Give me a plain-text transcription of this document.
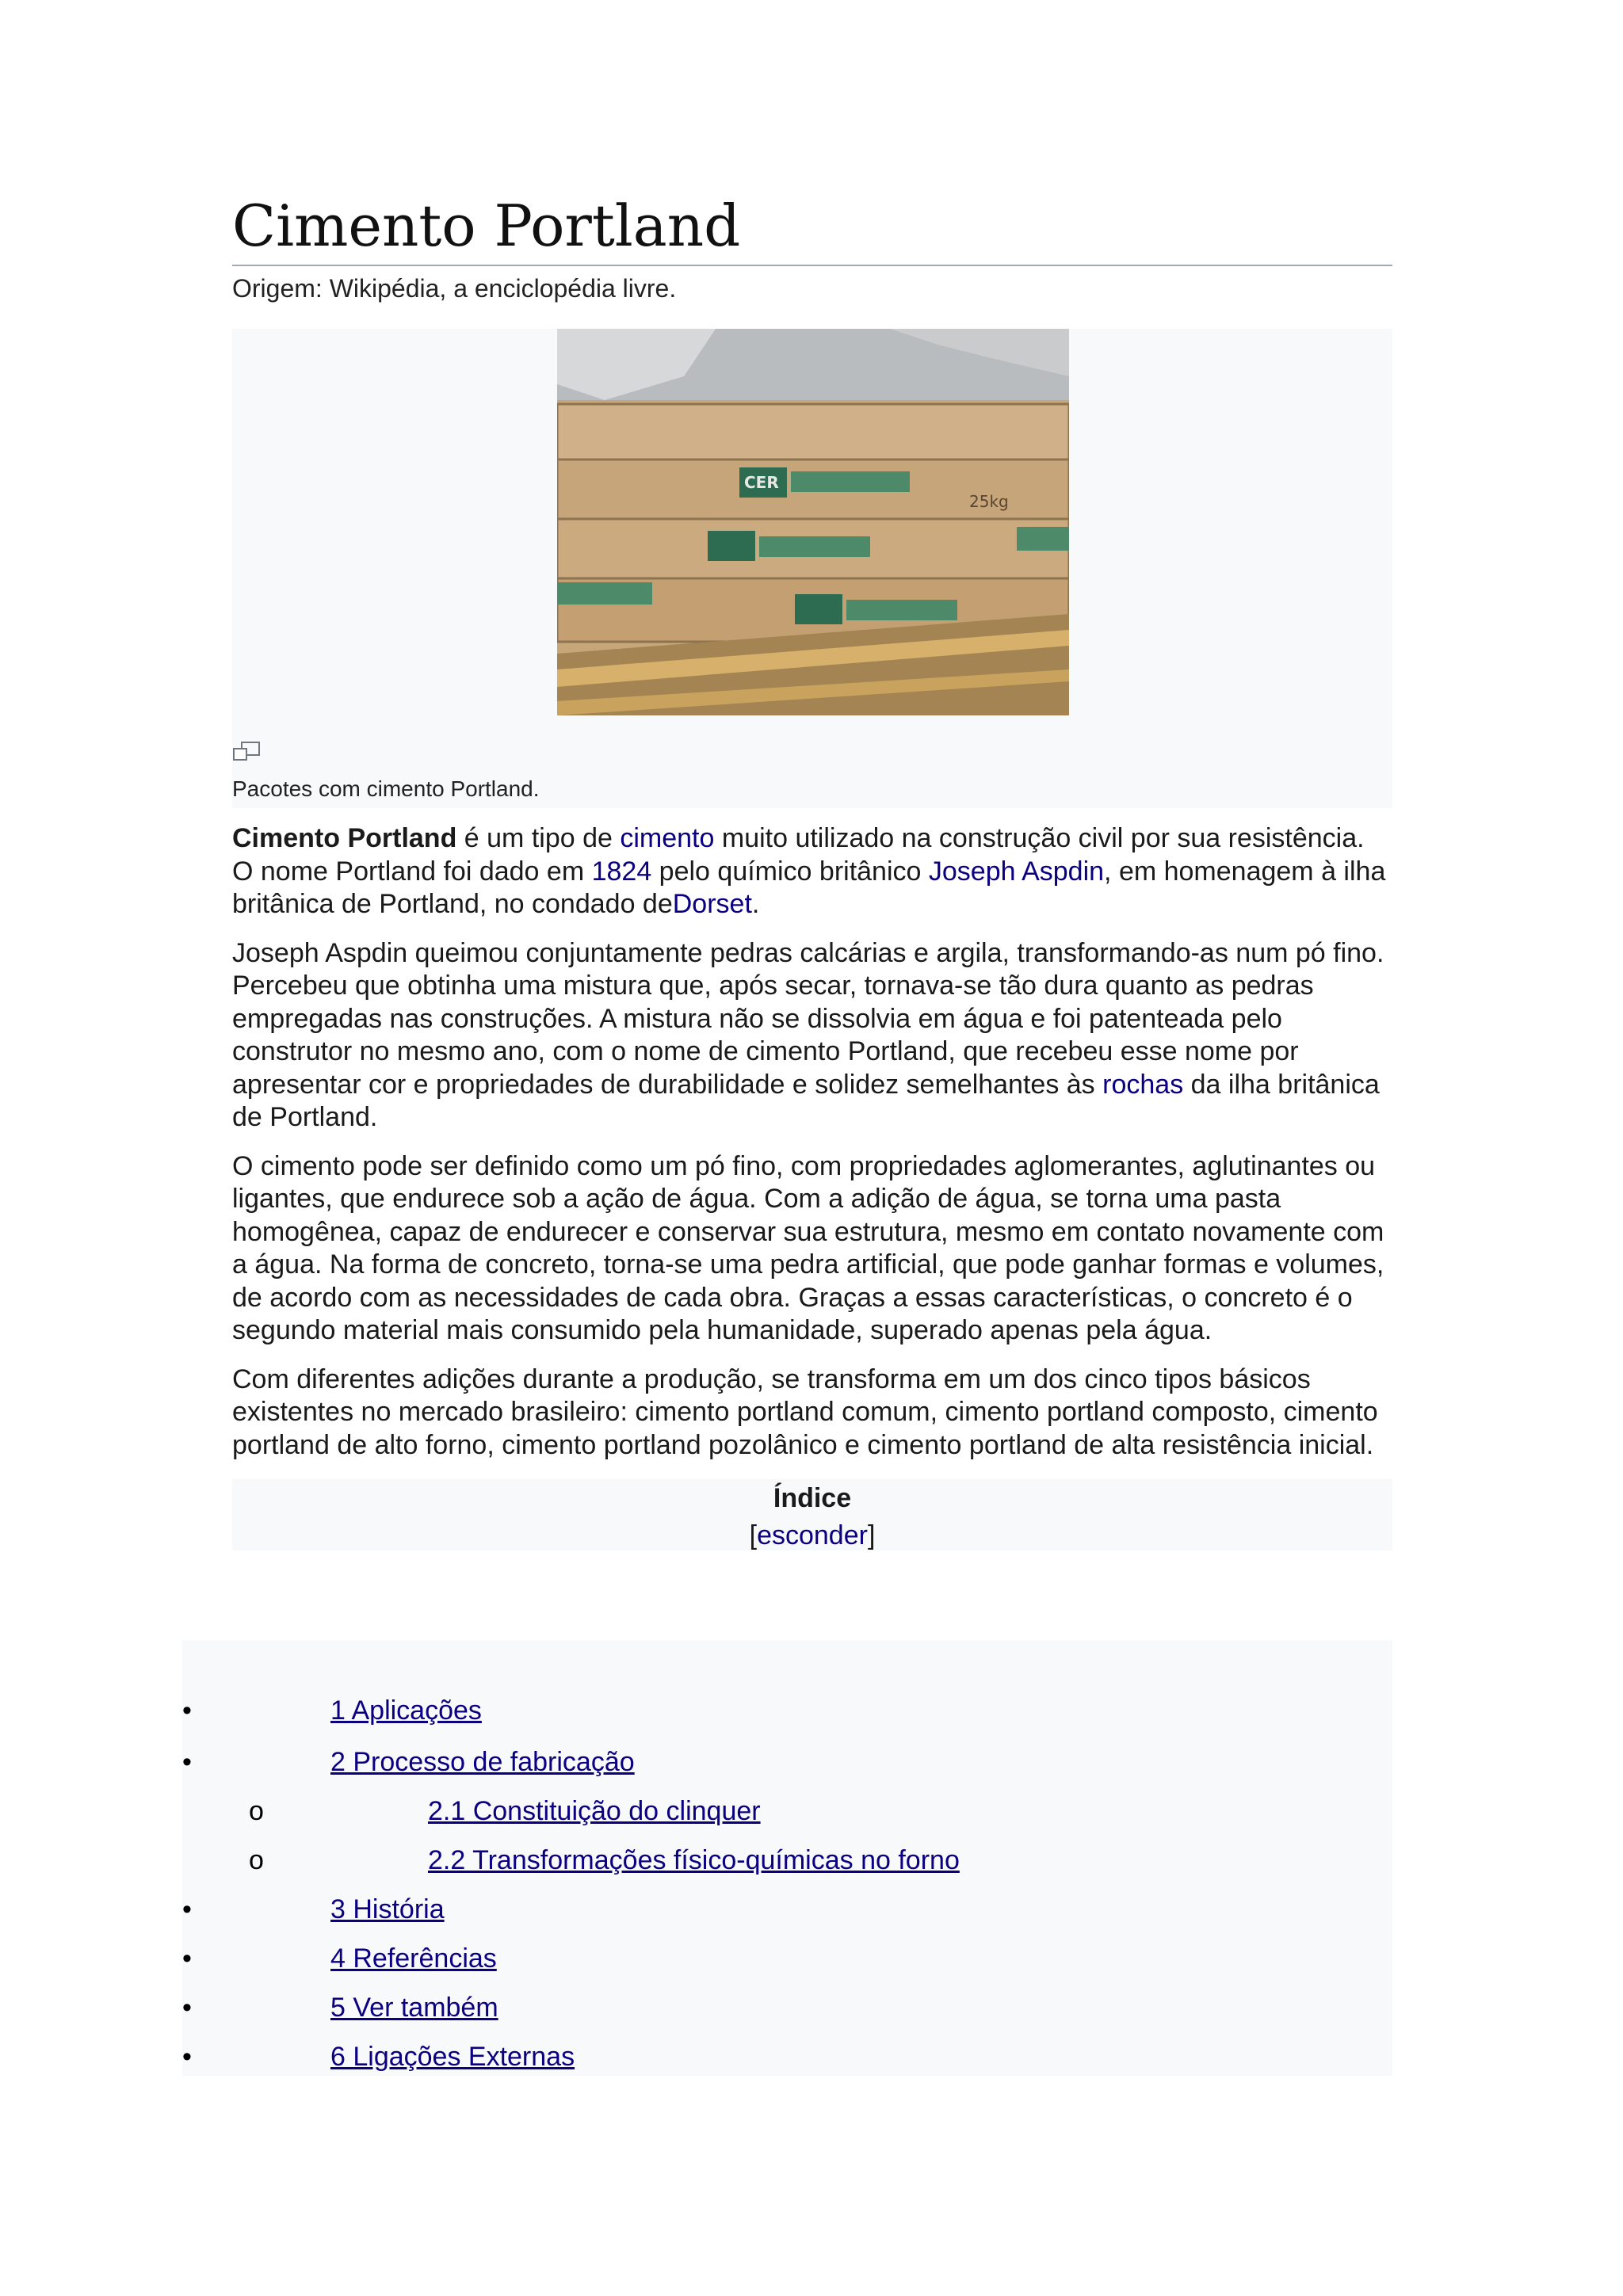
Cimento Portland
Origem: Wikipédia, a enciclopédia livre.
25kg
CER
Pacotes com cimento Portland.

Cimento Portland é um tipo de cimento muito utilizado na construção civil por sua resistência. O nome Portland foi dado em 1824 pelo químico britânico Joseph Aspdin, em homenagem à ilha britânica de Portland, no condado deDorset.

Joseph Aspdin queimou conjuntamente pedras calcárias e argila, transformando-as num pó fino. Percebeu que obtinha uma mistura que, após secar, tornava-se tão dura quanto as pedras empregadas nas construções. A mistura não se dissolvia em água e foi patenteada pelo construtor no mesmo ano, com o nome de cimento Portland, que recebeu esse nome por apresentar cor e propriedades de durabilidade e solidez semelhantes às rochas da ilha britânica de Portland.

O cimento pode ser definido como um pó fino, com propriedades aglomerantes, aglutinantes ou ligantes, que endurece sob a ação de água. Com a adição de água, se torna uma pasta homogênea, capaz de endurecer e conservar sua estrutura, mesmo em contato novamente com a água. Na forma de concreto, torna-se uma pedra artificial, que pode ganhar formas e volumes, de acordo com as necessidades de cada obra. Graças a essas características, o concreto é o segundo material mais consumido pela humanidade, superado apenas pela água.

Com diferentes adições durante a produção, se transforma em um dos cinco tipos básicos existentes no mercado brasileiro: cimento portland comum, cimento portland composto, cimento portland de alto forno, cimento portland pozolânico e cimento portland de alta resistência inicial.

Índice
[esconder]
•	1 Aplicações
•	2 Processo de fabricação
o	2.1 Constituição do clinquer
o	2.2 Transformações físico-químicas no forno
•	3 História
•	4 Referências
•	5 Ver também
•	6 Ligações Externas
